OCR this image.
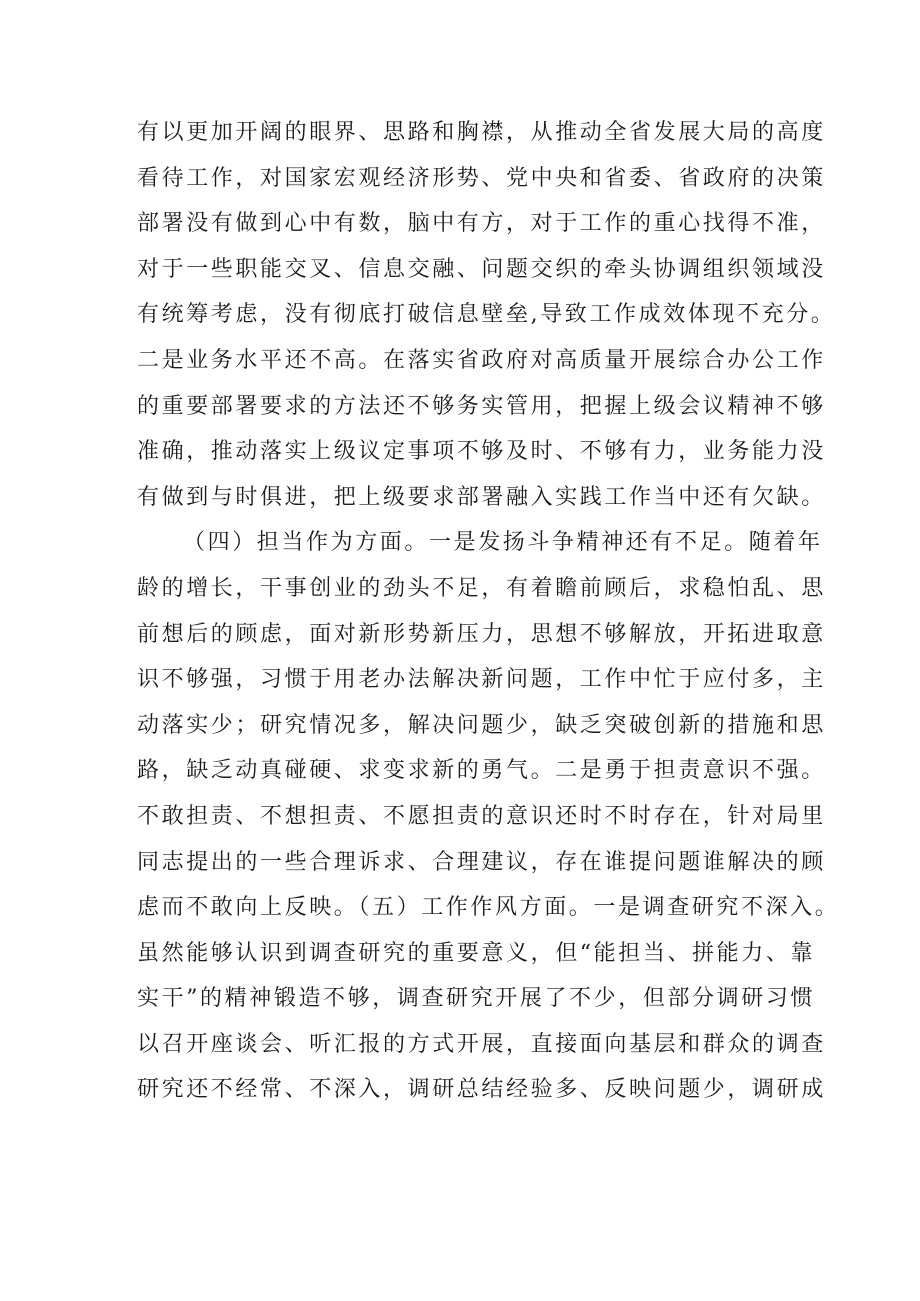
有以更加开阔的眼界、思路和胸襟，从推动全省发展大局的高度
看待工作，对国家宏观经济形势、党中央和省委、省政府的决策
部署没有做到心中有数，脑中有方，对于工作的重心找得不准，
对于一些职能交叉、信息交融、问题交织的牵头协调组织领域没
有统筹考虑，没有彻底打破信息壁垒,导致工作成效体现不充分。
二是业务水平还不高。在落实省政府对高质量开展综合办公工作
的重要部署要求的方法还不够务实管用，把握上级会议精神不够
准确，推动落实上级议定事项不够及时、不够有力，业务能力没
有做到与时俱进，把上级要求部署融入实践工作当中还有欠缺。
（四）担当作为方面。一是发扬斗争精神还有不足。随着年
龄的增长，干事创业的劲头不足，有着瞻前顾后，求稳怕乱、思
前想后的顾虑，面对新形势新压力，思想不够解放，开拓进取意
识不够强，习惯于用老办法解决新问题，工作中忙于应付多，主
动落实少；研究情况多，解决问题少，缺乏突破创新的措施和思
路，缺乏动真碰硬、求变求新的勇气。二是勇于担责意识不强。
不敢担责、不想担责、不愿担责的意识还时不时存在，针对局里
同志提出的一些合理诉求、合理建议，存在谁提问题谁解决的顾
虑而不敢向上反映。（五）工作作风方面。一是调查研究不深入。
虽然能够认识到调查研究的重要意义，但“能担当、拼能力、靠
实干”的精神锻造不够，调查研究开展了不少，但部分调研习惯
以召开座谈会、听汇报的方式开展，直接面向基层和群众的调查
研究还不经常、不深入，调研总结经验多、反映问题少，调研成
